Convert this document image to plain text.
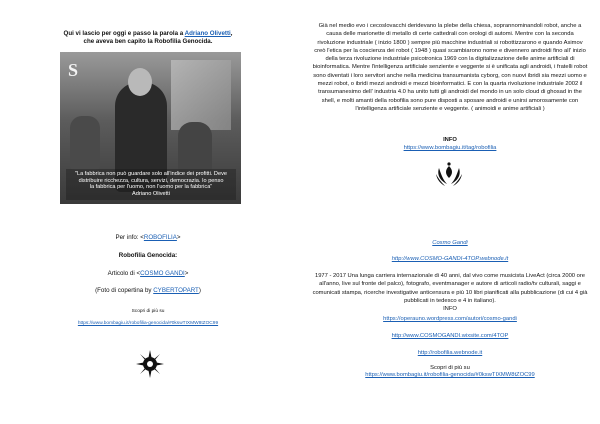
Qui vi lascio per oggi e passo la parola a Adriano Olivetti,
che aveva ben capito la Robofilia Genocida.
S
"La fabbrica non può guardare solo all'indice dei profitti. Deve
distribuire ricchezza, cultura, servizi, democrazia. Io penso
la fabbrica per l'uomo, non l'uomo per la fabbrica"
Adriano Olivetti
Per info: <ROBOFILIA>
Robofilia Genocida:
Articolo di <COSMO GANDI>
(Foto di copertina by CYBERTOPART)
Scopri di più su
https://www.bombagiu.it/robofilia-genocida/#0kswTIXMW8tZOC99
Già nel medio evo i cecoslovacchi deridevano la plebe della chiesa, soprannominandoli robot, anche a causa delle marionette di metallo di certe cattedrali con orologi di automi. Mentre con la seconda rivoluzione industriale ( inizio 1800 ) sempre più macchine industriali si robottizzarono e quando Asimov creò l'etica per la coscienza dei robot ( 1948 ) quasi scambiarono nome e divennero androidi fino all' inizio della terza rivoluzione industriale psicotronica 1969 con la digitalizzazione delle anime artificiali di bioinformatica. Mentre l'intelligenza artificiale senziente e veggente si è unificata agli androidi, i fratelli robot sono diventati i loro servitori anche nella medicina transumanista cyborg, con nuovi ibridi sia mezzi uomo e mezzi robot, o ibridi mezzi androidi e mezzi bioinformatici. E con la quarta rivoluzione industriale 2002 il transumanesimo dell' industria 4.0 ha unito tutti gli androidi del mondo in un solo cloud di ghosad in the shell, e molti amanti della robofilia sono pure disposti a sposare androidi e unirsi amorosamente con l'intelligenza artificiale senziente e veggente. ( animoidi e anime artificiali )
INFO
https://www.bombagiu.it/tag/robofilia
Cosmo Gandi
http://www.COSMO-GANDI-4TOP.webnode.it
1977 - 2017 Una lunga carriera internazionale di 40 anni, dal vivo come musicista LiveAct (circa 2000 ore all'anno, live sul fronte del palco), fotografo, eventmanager e autore di articoli radio/tv culturali, saggi e comunicati stampa, ricerche investigative anticensura e più 10 libri pianificati alla pubblicazione (di cui 4 già pubblicati in tedesco e 4 in italiano).
INFO
https://operauno.wordpress.com/autori/cosmo-gandi
http://www.COSMOGANDI.wixsite.com/4TOP
http://robofilia.webnode.it
Scopri di più su
https://www.bombagiu.it/robofilia-genocida/#0kswTIXMW8tZOC99
